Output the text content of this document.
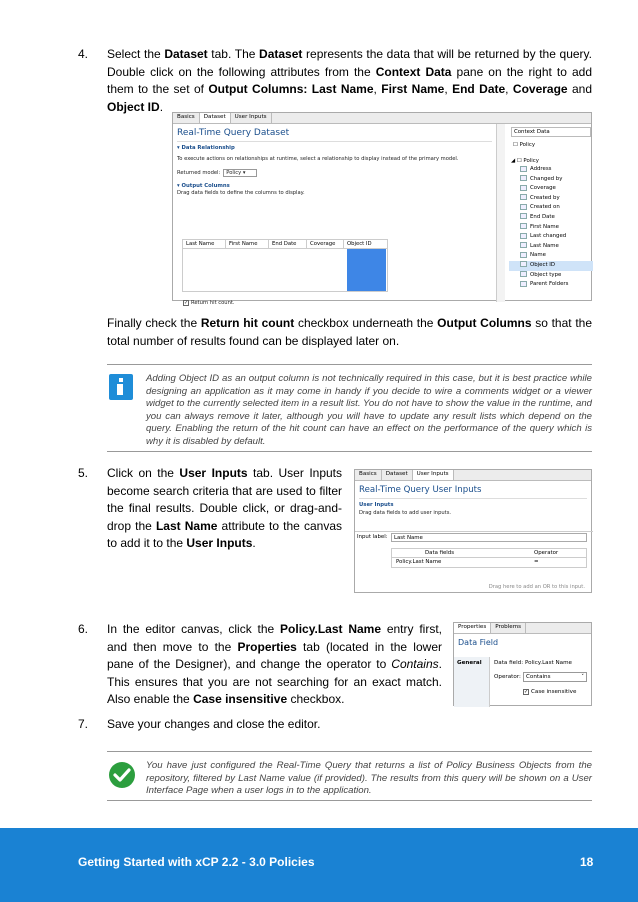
4. Select the Dataset tab. The Dataset represents the data that will be returned by the query. Double click on the following attributes from the Context Data pane on the right to add them to the set of Output Columns: Last Name, First Name, End Date, Coverage and Object ID.
Basics	Dataset	User Inputs
Real-Time Query Dataset
▾ Data Relationship
To execute actions on relationships at runtime, select a relationship to display instead of the primary model.
Returned model:	Policy ▾
▾ Output Columns
Drag data fields to define the columns to display.
Last Name	First Name	End Date	Coverage	Object ID
✓ Return hit count.
Context Data
☐ Policy
◢ ☐ Policy
Address
Changed by
Coverage
Created by
Created on
End Date
First Name
Last changed
Last Name
Name
Object ID
Object type
Parent Folders
Finally check the Return hit count checkbox underneath the Output Columns so that the total number of results found can be displayed later on.
Adding Object ID as an output column is not technically required in this case, but it is best practice while designing an application as it may come in handy if you decide to wire a comments widget or a viewer widget to the currently selected item in a result list. You do not have to show the value in the runtime, and you can always remove it later, although you will have to update any result lists which depend on the query. Enabling the return of the hit count can have an effect on the performance of the query which is why it is disabled by default.
5. Click on the User Inputs tab. User Inputs become search criteria that are used to filter the final results. Double click, or drag-and-drop the Last Name attribute to the canvas to add it to the User Inputs.
Basics	Dataset	User Inputs
Real-Time Query User Inputs
User Inputs
Drag data fields to add user inputs.
Input label:	Last Name
Data fields	Operator
Policy.Last Name	=
Drag here to add an OR to this input.
6. In the editor canvas, click the Policy.Last Name entry first, and then move to the Properties tab (located in the lower pane of the Designer), and change the operator to Contains. This ensures that you are not searching for an exact match. Also enable the Case insensitive checkbox.
Properties	Problems
Data Field
General	Data field: Policy.Last Name
Operator: Contains	˅
✓ Case insensitive
7. Save your changes and close the editor.
You have just configured the Real-Time Query that returns a list of Policy Business Objects from the repository, filtered by Last Name value (if provided). The results from this query will be shown on a User Interface Page when a user logs in to the application.
Getting Started with xCP 2.2 - 3.0 Policies	18
